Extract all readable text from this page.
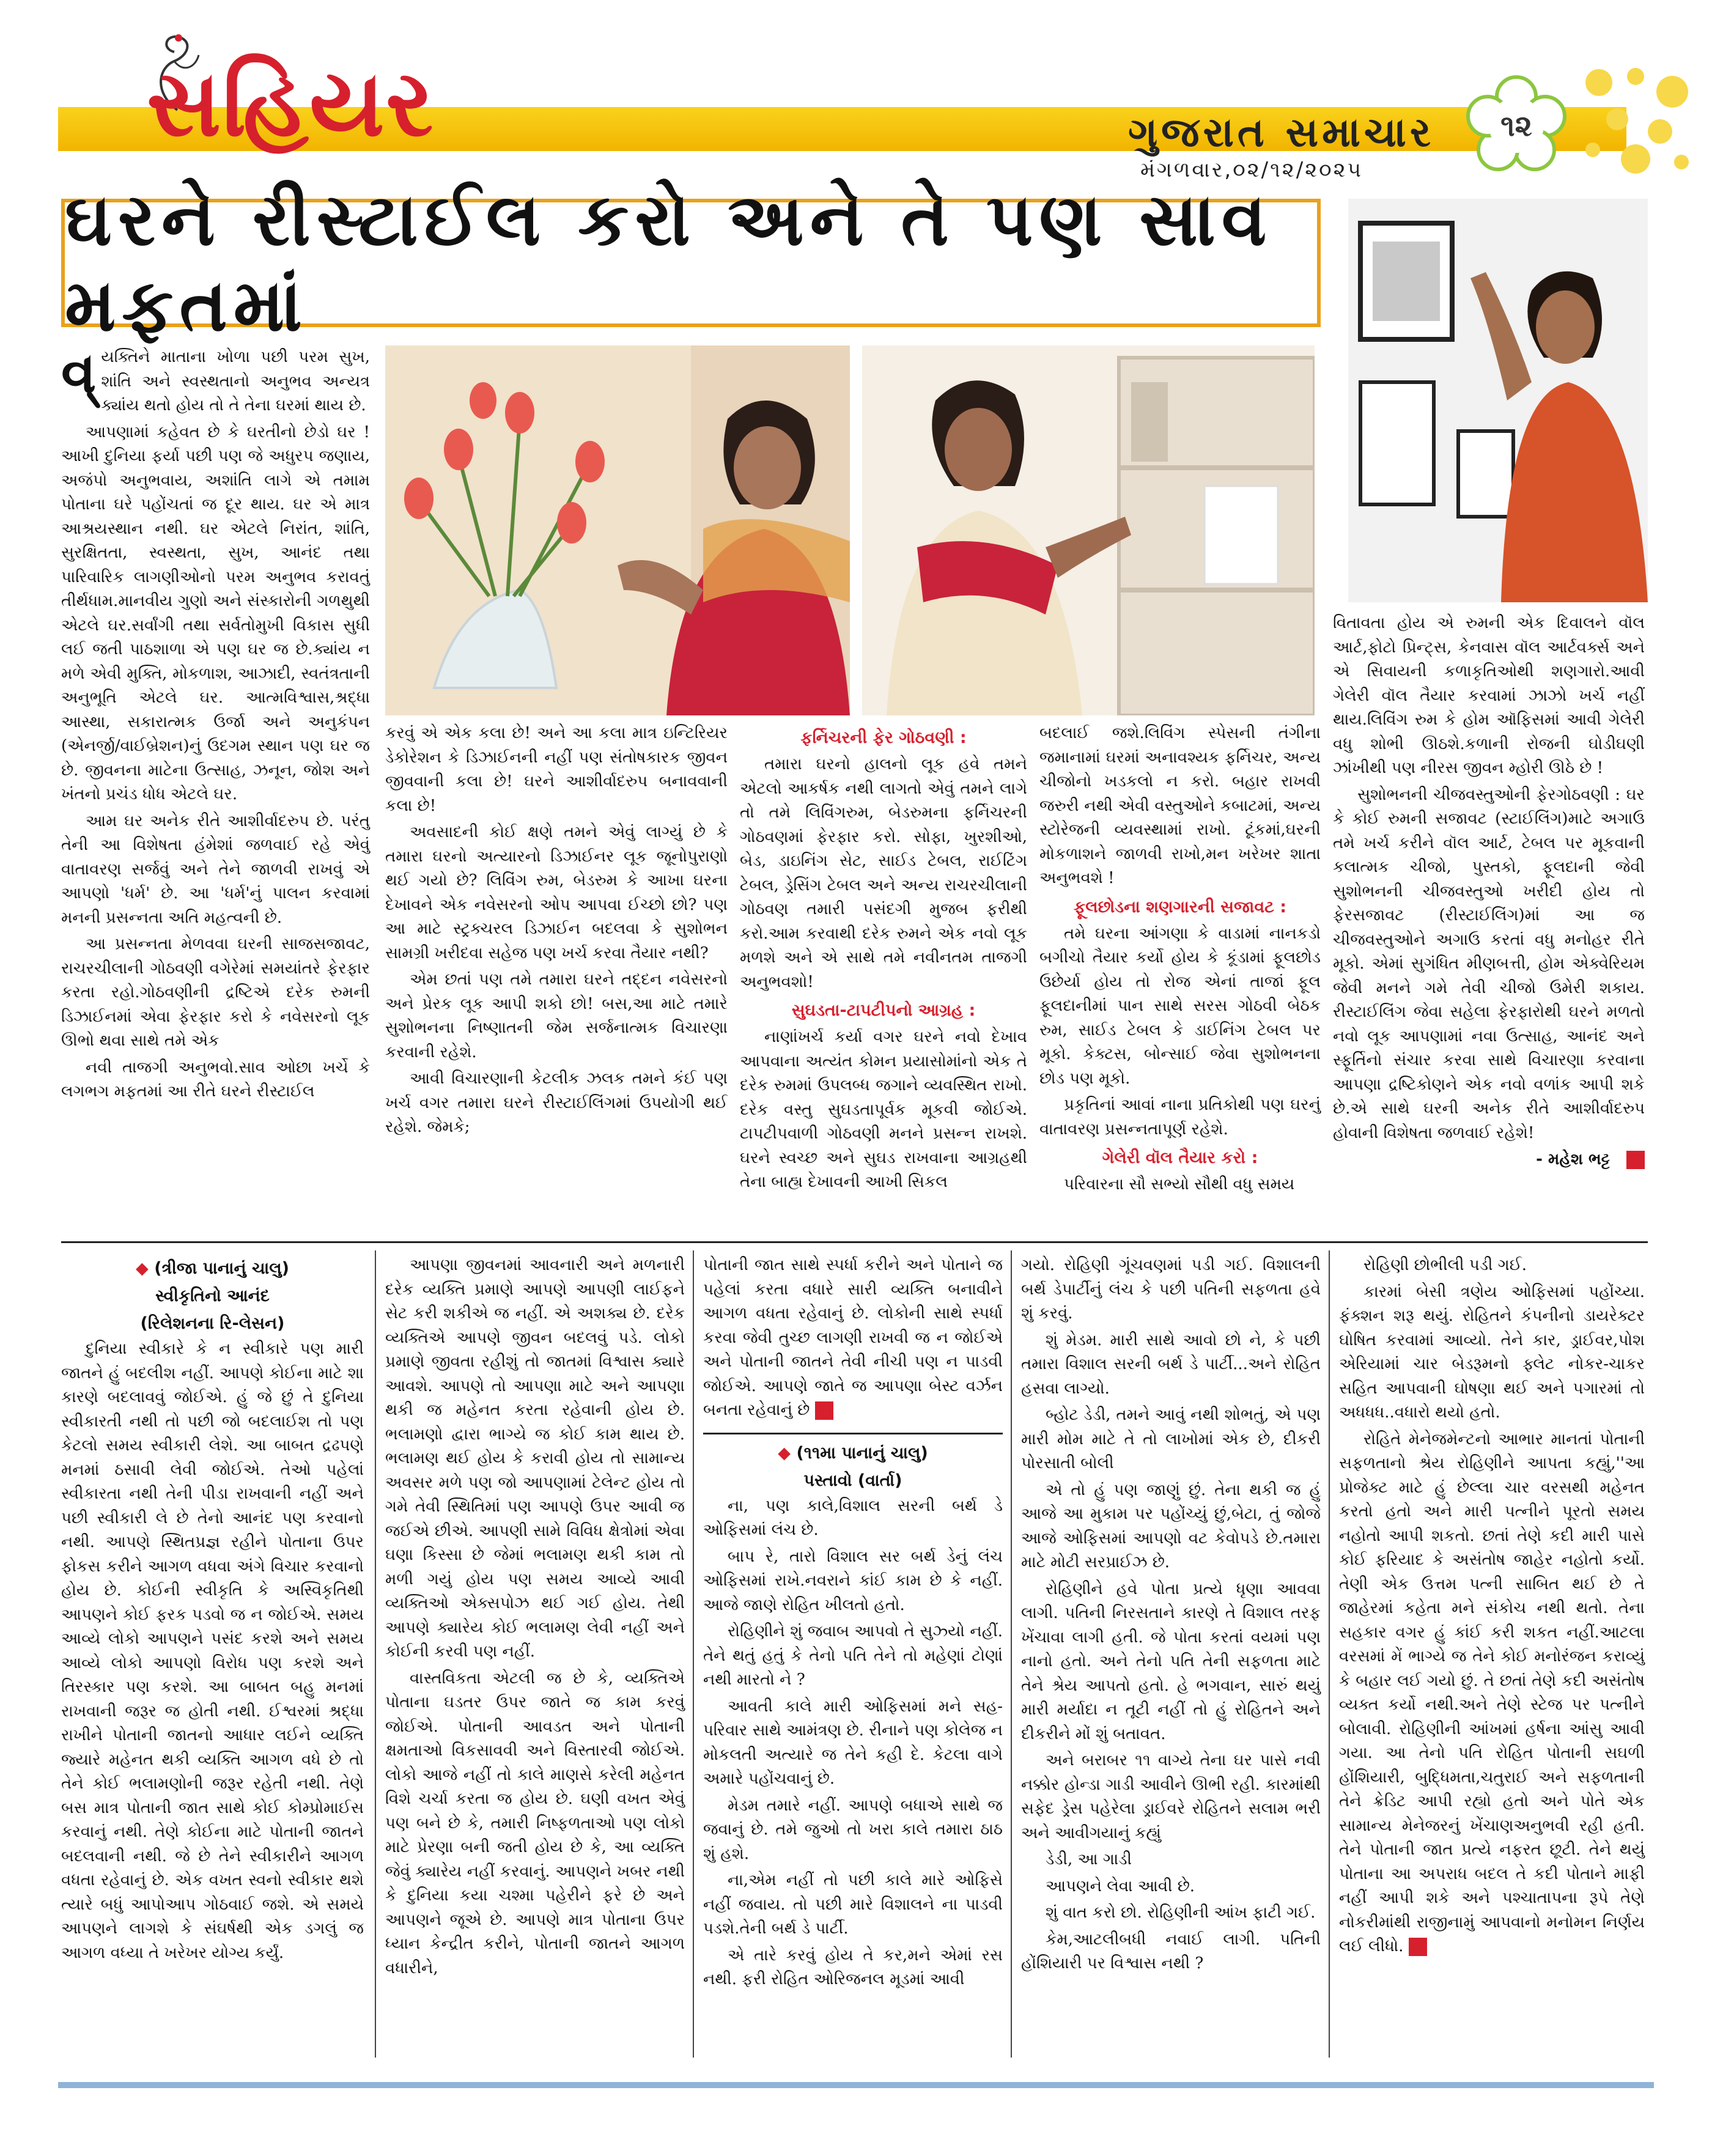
સહિયર	ગુજરાત સમાચાર
મંગળવાર,૦૨/૧૨/૨૦૨૫
૧૨
ઘરને રીસ્ટાઈલ કરો અને તે પણ સાવ મફતમાં

વ્યક્તિને માતાના ખોળા પછી પરમ સુખ, શાંતિ અને સ્વસ્થતાનો અનુભવ અન્યત્ર ક્યાંય થતો હોય તો તે તેના ઘરમાં થાય છે.

આપણામાં કહેવત છે કે ઘરતીનો છેડો ઘર ! આખી દુનિયા ફર્યા પછી પણ જે અધુરપ જણાય, અજંપો અનુભવાય, અશાંતિ લાગે એ તમામ પોતાના ઘરે પહોંચતાં જ દૂર થાય. ઘર એ માત્ર આશ્રયસ્થાન નથી. ઘર એટલે નિરાંત, શાંતિ, સુરક્ષિતતા, સ્વસ્થતા, સુખ, આનંદ તથા પારિવારિક લાગણીઓનો પરમ અનુભવ કરાવતું તીર્થધામ.માનવીય ગુણો અને સંસ્કારોની ગળથુથી એટલે ઘર.સર્વાંગી તથા સર્વતોમુખી વિકાસ સુધી લઈ જતી પાઠશાળા એ પણ ઘર જ છે.ક્યાંય ન મળે એવી મુક્તિ, મોકળાશ, આઝાદી, સ્વતંત્રતાની અનુભૂતિ એટલે ઘર. આત્મવિશ્વાસ,શ્રદ્ધા આસ્થા, સકારાત્મક ઉર્જા અને અનુકંપન (એનર્જી/વાઈબ્રેશન)નું ઉદગમ સ્થાન પણ ઘર જ છે. જીવનના માટેના ઉત્સાહ, ઝનૂન, જોશ અને ખંતનો પ્રચંડ ધોધ એટલે ઘર.

આમ ઘર અનેક રીતે આશીર્વાદરુપ છે. પરંતુ તેની આ વિશેષતા હંમેશાં જળવાઈ રહે એવું વાતાવરણ સર્જવું અને તેને જાળવી રાખવું એ આપણો 'ધર્મ' છે. આ 'ધર્મ'નું પાલન કરવામાં મનની પ્રસન્નતા અતિ મહત્વની છે.

આ પ્રસન્નતા મેળવવા ઘરની સાજસજાવટ, રાચરચીલાની ગોઠવણી વગેરેમાં સમયાંતરે ફેરફાર કરતા રહો.ગોઠવણીની દ્રષ્ટિએ દરેક રુમની ડિઝાઈનમાં એવા ફેરફાર કરો કે નવેસરનો લૂક ઊભો થવા સાથે તમે એક

નવી તાજગી અનુભવો.સાવ ઓછા ખર્ચે કે લગભગ મફતમાં આ રીતે ઘરને રીસ્ટાઈલ

કરવું એ એક કલા છે! અને આ કલા માત્ર ઇન્ટિરિયર ડેકોરેશન કે ડિઝાઈનની નહીં પણ સંતોષકારક જીવન જીવવાની કલા છે! ઘરને આશીર્વાદરુપ બનાવવાની કલા છે!

અવસાદની કોઈ ક્ષણે તમને એવું લાગ્યું છે કે તમારા ઘરનો અત્યારનો ડિઝાઈનર લૂક જૂનોપુરાણો થઈ ગયો છે? લિવિંગ રુમ, બેડરુમ કે આખા ઘરના દેખાવને એક નવેસરનો ઓપ આપવા ઈચ્છો છો? પણ આ માટે સ્ટ્રક્ચરલ ડિઝાઈન બદલવા કે સુશોભન સામગ્રી ખરીદવા સહેજ પણ ખર્ચ કરવા તૈયાર નથી?

એમ છતાં પણ તમે તમારા ઘરને તદ્દન નવેસરનો અને પ્રેરક લૂક આપી શકો છો! બસ,આ માટે તમારે સુશોભનના નિષ્ણાતની જેમ સર્જનાત્મક વિચારણા કરવાની રહેશે.

આવી વિચારણાની કેટલીક ઝલક તમને કંઈ પણ ખર્ચ વગર તમારા ઘરને રીસ્ટાઈલિંગમાં ઉપયોગી થઈ રહેશે. જેમકે;

ફર્નિચરની ફેર ગોઠવણી :

તમારા ઘરનો હાલનો લૂક હવે તમને એટલો આકર્ષક નથી લાગતો એવું તમને લાગે તો તમે લિવિંગરુમ, બેડરુમના ફર્નિચરની ગોઠવણમાં ફેરફાર કરો. સોફા, ખુરશીઓ, બેડ, ડાઇનિંગ સેટ, સાઈડ ટેબલ, રાઈટિંગ ટેબલ, ડ્રેસિંગ ટેબલ અને અન્ય રાચરચીલાની ગોઠવણ તમારી પસંદગી મુજબ ફરીથી કરો.આમ કરવાથી દરેક રુમને એક નવો લૂક મળશે અને એ સાથે તમે નવીનતમ તાજગી અનુભવશો!

સુઘડતા-ટાપટીપનો આગ્રહ :

નાણાંખર્ચ કર્યા વગર ઘરને નવો દેખાવ આપવાના અત્યંત કોમન પ્રયાસોમાંનો એક તે દરેક રુમમાં ઉપલબ્ધ જગાને વ્યવસ્થિત રાખો. દરેક વસ્તુ સુઘડતાપૂર્વક મૂકવી જોઈએ. ટાપટીપવાળી ગોઠવણી મનને પ્રસન્ન રાખશે. ઘરને સ્વચ્છ અને સુઘડ રાખવાના આગ્રહથી તેના બાહ્ય દેખાવની આખી સિકલ

બદલાઈ જશે.લિવિંગ સ્પેસની તંગીના જમાનામાં ઘરમાં અનાવશ્યક ફર્નિચર, અન્ય ચીજોનો ખડકલો ન કરો. બહાર રાખવી જરુરી નથી એવી વસ્તુઓને કબાટમાં, અન્ય સ્ટોરેજની વ્યવસ્થામાં રાખો. ટૂંકમાં,ઘરની મોકળાશને જાળવી રાખો,મન ખરેખર શાતા અનુભવશે !

ફૂલછોડના શણગારની સજાવટ :

તમે ઘરના આંગણા કે વાડામાં નાનકડો બગીચો તૈયાર કર્યો હોય કે કૂંડામાં ફૂલછોડ ઉછેર્યા હોય તો રોજ એનાં તાજાં ફૂલ ફૂલદાનીમાં પાન સાથે સરસ ગોઠવી બેઠક રુમ, સાઈડ ટેબલ કે ડાઈનિંગ ટેબલ પર મૂકો. કેક્ટસ, બોન્સાઈ જેવા સુશોભનના છોડ પણ મૂકો.

પ્રકૃતિનાં આવાં નાના પ્રતિકોથી પણ ઘરનું વાતાવરણ પ્રસન્નતાપૂર્ણ રહેશે.

ગેલેરી વૉલ તૈયાર કરો :

પરિવારના સૌ સભ્યો સૌથી વધુ સમય

વિતાવતા હોય એ રુમની એક દિવાલને વૉલ આર્ટ,ફોટો પ્રિન્ટ્સ, કેનવાસ વૉલ આર્ટવર્ક્સ અને એ સિવાયની કળાકૃતિઓથી શણગારો.આવી ગેલેરી વૉલ તૈયાર કરવામાં ઝાઝો ખર્ચ નહીં થાય.લિવિંગ રુમ કે હોમ ઑફિસમાં આવી ગેલેરી વધુ શોભી ઊઠશે.કળાની રોજની ઘોડીઘણી ઝાંખીથી પણ નીરસ જીવન મ્હોરી ઊઠે છે !

સુશોભનની ચીજવસ્તુઓની ફેરગોઠવણી : ઘર કે કોઈ રુમની સજાવટ (સ્ટાઈલિંગ)માટે અગાઉ તમે ખર્ચ કરીને વૉલ આર્ટ, ટેબલ પર મૂકવાની કલાત્મક ચીજો, પુસ્તકો, ફૂલદાની જેવી સુશોભનની ચીજવસ્તુઓ ખરીદી હોય તો ફેરસજાવટ (રીસ્ટાઈલિંગ)માં આ જ ચીજવસ્તુઓને અગાઉ કરતાં વધુ મનોહર રીતે મૂકો. એમાં સુગંધિત મીણબત્તી, હોમ એક્વેરિયમ જેવી મનને ગમે તેવી ચીજો ઉમેરી શકાય. રીસ્ટાઈલિંગ જેવા સહેલા ફેરફારોથી ઘરને મળતો નવો લૂક આપણામાં નવા ઉત્સાહ, આનંદ અને સ્ફૂર્તિનો સંચાર કરવા સાથે વિચારણા કરવાના આપણા દ્રષ્ટિકોણને એક નવો વળાંક આપી શકે છે.એ સાથે ઘરની અનેક રીતે આશીર્વાદરુપ હોવાની વિશેષતા જળવાઈ રહેશે!

- મહેશ ભટ્ટ

◆ (ત્રીજા પાનાનું ચાલુ)
સ્વીકૃતિનો આનંદ
(રિલેશનના રિ-લેસન)

દુનિયા સ્વીકારે કે ન સ્વીકારે પણ મારી જાતને હું બદલીશ નહીં. આપણે કોઈના માટે શા કારણે બદલાવવું જોઈએ. હું જે છું તે દુનિયા સ્વીકારતી નથી તો પછી જો બદલાઈશ તો પણ કેટલો સમય સ્વીકારી લેશે. આ બાબત દ્રઢપણે મનમાં ઠસાવી લેવી જોઈએ. તેઓ પહેલાં સ્વીકારતા નથી તેની પીડા રાખવાની નહીં અને પછી સ્વીકારી લે છે તેનો આનંદ પણ કરવાનો નથી. આપણે સ્થિતપ્રજ્ઞ રહીને પોતાના ઉપર ફોકસ કરીને આગળ વધવા અંગે વિચાર કરવાનો હોય છે. કોઈની સ્વીકૃતિ કે અસ્વિકૃતિથી આપણને કોઈ ફરક પડવો જ ન જોઈએ. સમય આવ્યે લોકો આપણને પસંદ કરશે અને સમય આવ્યે લોકો આપણો વિરોધ પણ કરશે અને તિરસ્કાર પણ કરશે. આ બાબત બહુ મનમાં રાખવાની જરૂર જ હોતી નથી. ઈશ્વરમાં શ્રદ્ધા રાખીને પોતાની જાતનો આધાર લઈને વ્યક્તિ જ્યારે મહેનત થકી વ્યક્તિ આગળ વધે છે તો તેને કોઈ ભલામણોની જરૂર રહેતી નથી. તેણે બસ માત્ર પોતાની જાત સાથે કોઈ કોમ્પ્રોમાઈસ કરવાનું નથી. તેણે કોઈના માટે પોતાની જાતને બદલવાની નથી. જે છે તેને સ્વીકારીને આગળ વધતા રહેવાનું છે. એક વખત સ્વનો સ્વીકાર થશે ત્યારે બધું આપોઆપ ગોઠવાઈ જશે. એ સમયે આપણને લાગશે કે સંઘર્ષથી એક ડગલું જ આગળ વધ્યા તે ખરેખર યોગ્ય કર્યું.

આપણા જીવનમાં આવનારી અને મળનારી દરેક વ્યક્તિ પ્રમાણે આપણે આપણી લાઈફને સેટ કરી શકીએ જ નહીં. એ અશક્ય છે. દરેક વ્યક્તિએ આપણે જીવન બદલવું પડે. લોકો પ્રમાણે જીવતા રહીશું તો જાતમાં વિશ્વાસ ક્યારે આવશે. આપણે તો આપણા માટે અને આપણા થકી જ મહેનત કરતા રહેવાની હોય છે. ભલામણો દ્વારા ભાગ્યે જ કોઈ કામ થાય છે. ભલામણ થઈ હોય કે કરાવી હોય તો સામાન્ય અવસર મળે પણ જો આપણામાં ટેલેન્ટ હોય તો ગમે તેવી સ્થિતિમાં પણ આપણે ઉપર આવી જ જઈએ છીએ. આપણી સામે વિવિધ ક્ષેત્રોમાં એવા ઘણા કિસ્સા છે જેમાં ભલામણ થકી કામ તો મળી ગયું હોય પણ સમય આવ્યે આવી વ્યક્તિઓ એક્સપોઝ થઈ ગઈ હોય. તેથી આપણે ક્યારેય કોઈ ભલામણ લેવી નહીં અને કોઈની કરવી પણ નહીં.

વાસ્તવિકતા એટલી જ છે કે, વ્યક્તિએ પોતાના ઘડતર ઉપર જાતે જ કામ કરવું જોઈએ. પોતાની આવડત અને પોતાની ક્ષમતાઓ વિકસાવવી અને વિસ્તારવી જોઈએ. લોકો આજે નહીં તો કાલે માણસે કરેલી મહેનત વિશે ચર્ચા કરતા જ હોય છે. ઘણી વખત એવું પણ બને છે કે, તમારી નિષ્ફળતાઓ પણ લોકો માટે પ્રેરણા બની જતી હોય છે કે, આ વ્યક્તિ જેવું ક્યારેય નહીં કરવાનું. આપણને ખબર નથી કે દુનિયા કયા ચશ્મા પહેરીને ફરે છે અને આપણને જૂએ છે. આપણે માત્ર પોતાના ઉપર ધ્યાન કેન્દ્રીત કરીને, પોતાની જાતને આગળ વધારીને,

પોતાની જાત સાથે સ્પર્ધા કરીને અને પોતાને જ પહેલાં કરતા વધારે સારી વ્યક્તિ બનાવીને આગળ વધતા રહેવાનું છે. લોકોની સાથે સ્પર્ધા કરવા જેવી તુચ્છ લાગણી રાખવી જ ન જોઈએ અને પોતાની જાતને તેવી નીચી પણ ન પાડવી જોઈએ. આપણે જાતે જ આપણા બેસ્ટ વર્ઝન બનતા રહેવાનું છે

◆ (૧૧મા પાનાનું ચાલુ)
પસ્તાવો (વાર્તા)

ના, પણ કાલે,વિશાલ સરની બર્થ ડે ઓફિસમાં લંચ છે.

બાપ રે, તારો વિશાલ સર બર્થ ડેનું લંચ ઓફિસમાં રાખે.નવરાને કાંઈ કામ છે કે નહીં. આજે જાણે રોહિત ખીલતો હતો.

રોહિણીને શું જવાબ આપવો તે સુઝ્યો નહીં. તેને થતું હતું કે તેનો પતિ તેને તો મહેણાં ટોણાં નથી મારતો ને ?

આવતી કાલે મારી ઓફિસમાં મને સહ-પરિવાર સાથે આમંત્રણ છે. રીનાને પણ કોલેજ ન મોકલતી અત્યારે જ તેને કહી દે. કેટલા વાગે અમારે પહોંચવાનું છે.

મેડમ તમારે નહીં. આપણે બધાએ સાથે જ જવાનું છે. તમે જુઓ તો ખરા કાલે તમારા ઠાઠ શું હશે.

ના,એમ નહીં તો પછી કાલે મારે ઓફિસે નહીં જવાય. તો પછી મારે વિશાલને ના પાડવી પડશે.તેની બર્થ ડે પાર્ટી.

એ તારે કરવું હોય તે કર,મને એમાં રસ નથી. ફરી રોહિત ઓરિજનલ મૂડમાં આવી

ગયો. રોહિણી ગૂંચવણમાં પડી ગઈ. વિશાલની બર્થ ડેપાર્ટીનું લંચ કે પછી પતિની સફળતા હવે શું કરવું.

શું મેડમ. મારી સાથે આવો છો ને, કે પછી તમારા વિશાલ સરની બર્થ ડે પાર્ટી...અને રોહિત હસવા લાગ્યો.

બ્હોટ ડેડી, તમને આવું નથી શોભતું, એ પણ મારી મોમ માટે તે તો લાખોમાં એક છે, દીકરી પોરસાતી બોલી

એ તો હું પણ જાણું છું. તેના થકી જ હું આજે આ મુકામ પર પહોંચ્યું છું,બેટા, તું જોજે આજે ઓફિસમાં આપણો વટ કેવોપડે છે.તમારા માટે મોટી સરપ્રાઈઝ છે.

રોહિણીને હવે પોતા પ્રત્યે ધૃણા આવવા લાગી. પતિની નિરસતાને કારણે તે વિશાલ તરફ ખેંચાવા લાગી હતી. જે પોતા કરતાં વયમાં પણ નાનો હતો. અને તેનો પતિ તેની સફળતા માટે તેને શ્રેય આપતો હતો. હે ભગવાન, સારું થયું મારી મર્યાદા ન તૂટી નહીં તો હું રોહિતને અને દીકરીને મોં શું બતાવત.

અને બરાબર ૧૧ વાગ્યે તેના ઘર પાસે નવી નક્કોર હોન્ડા ગાડી આવીને ઊભી રહી. કારમાંથી સફેદ ડ્રેસ પહેરેલા ડ્રાઈવરે રોહિતને સલામ ભરી અને આવીગયાનું કહ્યું

ડેડી, આ ગાડી

આપણને લેવા આવી છે.

શું વાત કરો છો. રોહિણીની આંખ ફાટી ગઈ.

કેમ,આટલીબધી નવાઈ લાગી. પતિની હોંશિયારી પર વિશ્વાસ નથી ?

રોહિણી છોભીલી પડી ગઈ.

કારમાં બેસી ત્રણેય ઓફિસમાં પહોંચ્યા. ફંક્શન શરૂ થયું. રોહિતને કંપનીનો ડાયરેક્ટર ઘોષિત કરવામાં આવ્યો. તેને કાર, ડ્રાઈવર,પોશ એરિયામાં ચાર બેડરૂમનો ફ્લેટ નોકર-ચાકર સહિત આપવાની ઘોષણા થઈ અને પગારમાં તો અધધધ..વધારો થયો હતો.

રોહિતે મેનેજમેન્ટનો આભાર માનતાં પોતાની સફળતાનો શ્રેય રોહિણીને આપતા કહ્યું,''આ પ્રોજેક્ટ માટે હું છેલ્લા ચાર વરસથી મહેનત કરતો હતો અને મારી પત્નીને પૂરતો સમય નહોતો આપી શકતો. છતાં તેણે કદી મારી પાસે કોઈ ફરિયાદ કે અસંતોષ જાહેર નહોતો કર્યો. તેણી એક ઉત્તમ પત્ની સાબિત થઈ છે તે જાહેરમાં કહેતા મને સંકોચ નથી થતો. તેના સહકાર વગર હું કાંઈ કરી શકત નહીં.આટલા વરસમાં મેં ભાગ્યે જ તેને કોઈ મનોરંજન કરાવ્યું કે બહાર લઈ ગયો છું. તે છતાં તેણે કદી અસંતોષ વ્યક્ત કર્યો નથી.અને તેણે સ્ટેજ પર પત્નીને બોલાવી. રોહિણીની આંખમાં હર્ષના આંસુ આવી ગયા. આ તેનો પતિ રોહિત પોતાની સઘળી હોંશિયારી, બુદ્ધિમતા,ચતુરાઈ અને સફળતાની તેને ક્રેડિટ આપી રહ્યો હતો અને પોતે એક સામાન્ય મેનેજરનું ખેંચાણઅનુભવી રહી હતી. તેને પોતાની જાત પ્રત્યે નફરત છૂટી. તેને થયું પોતાના આ અપરાધ બદલ તે કદી પોતાને માફી નહીં આપી શકે અને પશ્ચાતાપના રૂપે તેણે નોકરીમાંથી રાજીનામું આપવાનો મનોમન નિર્ણય લઈ લીધો.
